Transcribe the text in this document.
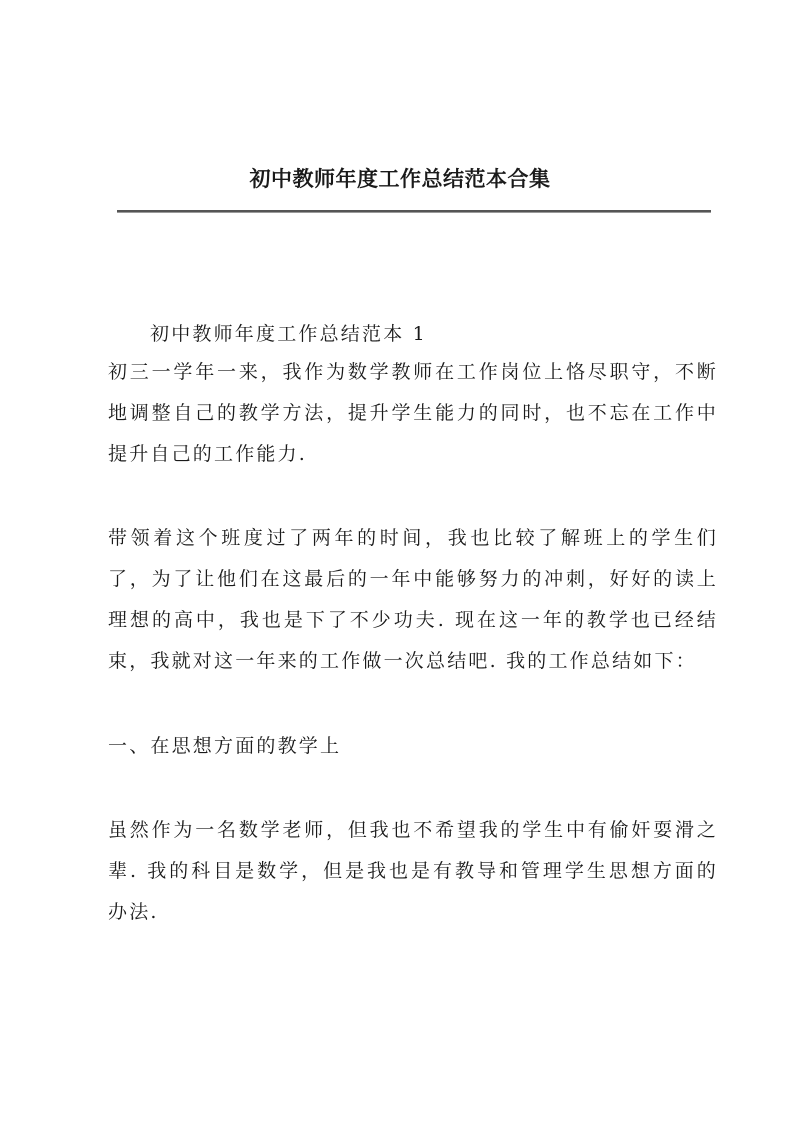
初中教师年度工作总结范本合集
初中教师年度工作总结范本 1
初三一学年一来，我作为数学教师在工作岗位上恪尽职守，不断地调整自己的教学方法，提升学生能力的同时，也不忘在工作中提升自己的工作能力.
带领着这个班度过了两年的时间，我也比较了解班上的学生们了，为了让他们在这最后的一年中能够努力的冲刺，好好的读上理想的高中，我也是下了不少功夫. 现在这一年的教学也已经结束，我就对这一年来的工作做一次总结吧. 我的工作总结如下：
一、在思想方面的教学上
虽然作为一名数学老师，但我也不希望我的学生中有偷奸耍滑之辈. 我的科目是数学，但是我也是有教导和管理学生思想方面的办法.
